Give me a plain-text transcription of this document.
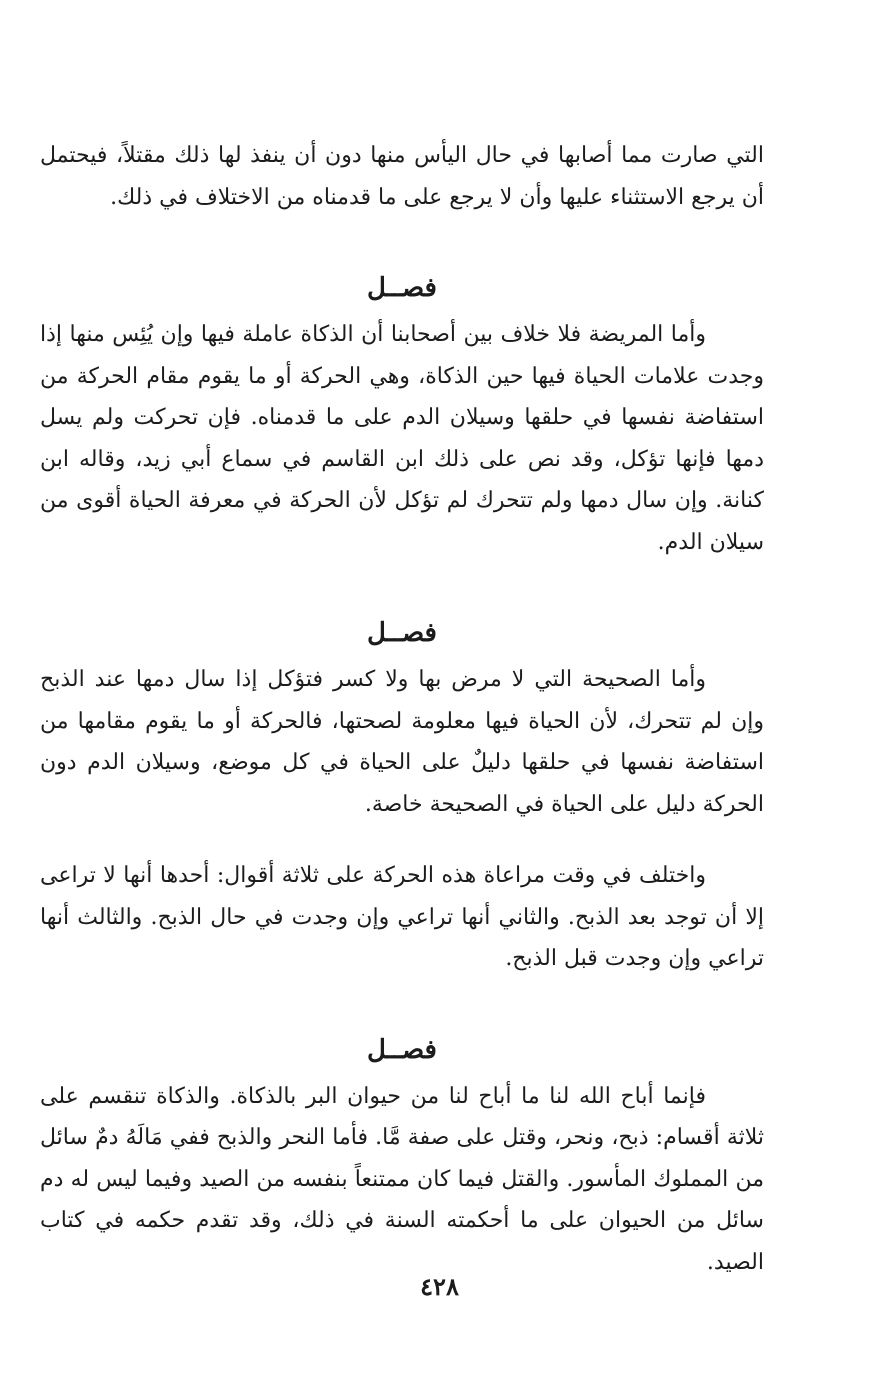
التي صارت مما أصابها في حال اليأس منها دون أن ينفذ لها ذلك مقتلاً، فيحتمل أن يرجع الاستثناء عليها وأن لا يرجع على ما قدمناه من الاختلاف في ذلك.

فصــل

وأما المريضة فلا خلاف بين أصحابنا أن الذكاة عاملة فيها وإن يُئِس منها إذا وجدت علامات الحياة فيها حين الذكاة، وهي الحركة أو ما يقوم مقام الحركة من استفاضة نفسها في حلقها وسيلان الدم على ما قدمناه. فإن تحركت ولم يسل دمها فإنها تؤكل، وقد نص على ذلك ابن القاسم في سماع أبي زيد، وقاله ابن كنانة. وإن سال دمها ولم تتحرك لم تؤكل لأن الحركة في معرفة الحياة أقوى من سيلان الدم.

فصــل

وأما الصحيحة التي لا مرض بها ولا كسر فتؤكل إذا سال دمها عند الذبح وإن لم تتحرك، لأن الحياة فيها معلومة لصحتها، فالحركة أو ما يقوم مقامها من استفاضة نفسها في حلقها دليلٌ على الحياة في كل موضع، وسيلان الدم دون الحركة دليل على الحياة في الصحيحة خاصة.

واختلف في وقت مراعاة هذه الحركة على ثلاثة أقوال: أحدها أنها لا تراعى إلا أن توجد بعد الذبح. والثاني أنها تراعي وإن وجدت في حال الذبح. والثالث أنها تراعي وإن وجدت قبل الذبح.

فصــل

فإنما أباح الله لنا ما أباح لنا من حيوان البر بالذكاة. والذكاة تنقسم على ثلاثة أقسام: ذبح، ونحر، وقتل على صفة مَّا. فأما النحر والذبح ففي مَالَهُ دمٌ سائل من المملوك المأسور. والقتل فيما كان ممتنعاً بنفسه من الصيد وفيما ليس له دم سائل من الحيوان على ما أحكمته السنة في ذلك، وقد تقدم حكمه في كتاب الصيد.

٤٢٨
